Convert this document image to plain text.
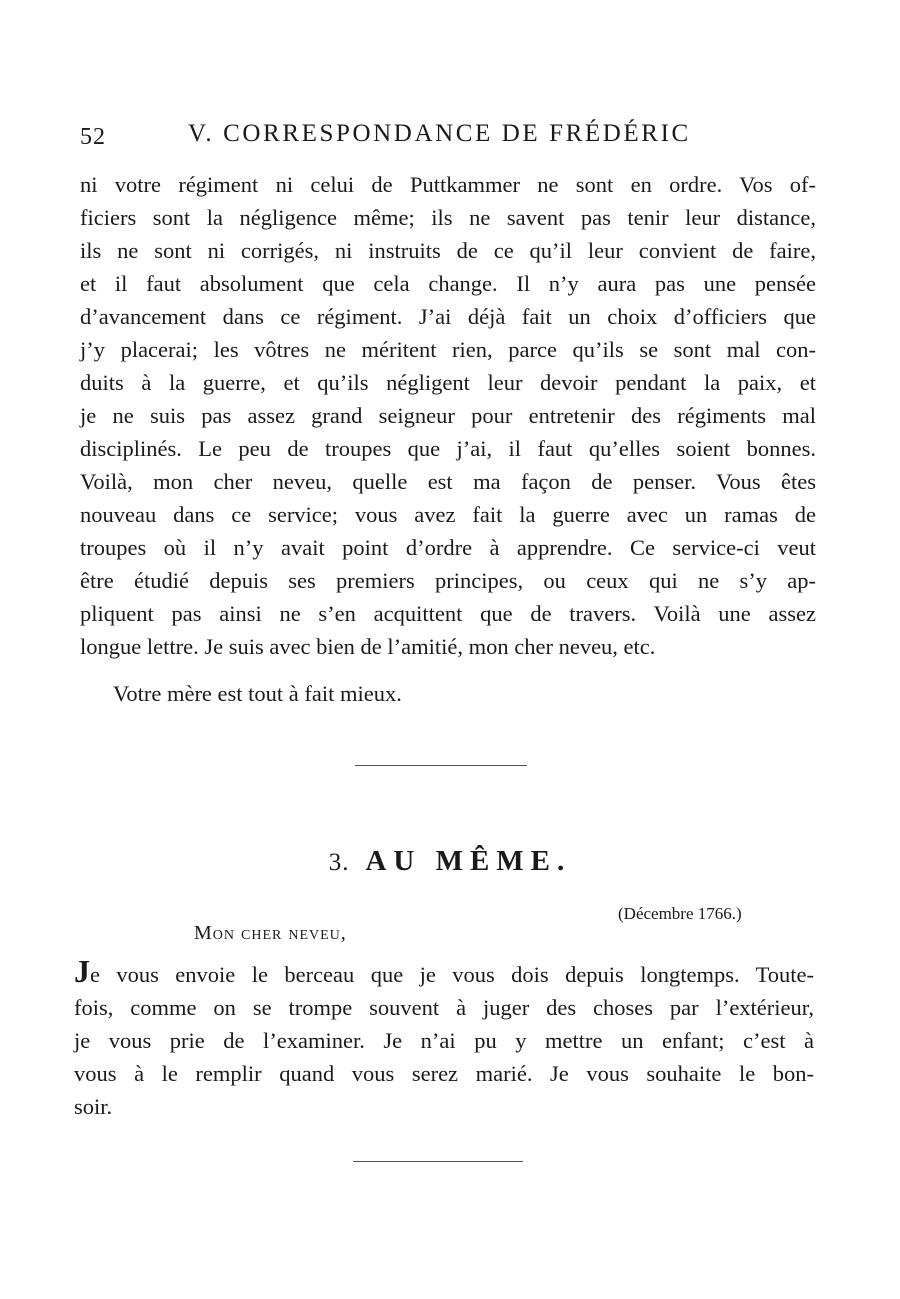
52	V. CORRESPONDANCE DE FRÉDÉRIC
ni votre régiment ni celui de Puttkammer ne sont en ordre. Vos of-
ficiers sont la négligence même; ils ne savent pas tenir leur distance,
ils ne sont ni corrigés, ni instruits de ce qu’il leur convient de faire,
et il faut absolument que cela change. Il n’y aura pas une pensée
d’avancement dans ce régiment. J’ai déjà fait un choix d’officiers que
j’y placerai; les vôtres ne méritent rien, parce qu’ils se sont mal con-
duits à la guerre, et qu’ils négligent leur devoir pendant la paix, et
je ne suis pas assez grand seigneur pour entretenir des régiments mal
disciplinés. Le peu de troupes que j’ai, il faut qu’elles soient bonnes.
Voilà, mon cher neveu, quelle est ma façon de penser. Vous êtes
nouveau dans ce service; vous avez fait la guerre avec un ramas de
troupes où il n’y avait point d’ordre à apprendre. Ce service-ci veut
être étudié depuis ses premiers principes, ou ceux qui ne s’y ap-
pliquent pas ainsi ne s’en acquittent que de travers. Voilà une assez
longue lettre. Je suis avec bien de l’amitié, mon cher neveu, etc.
Votre mère est tout à fait mieux.
3. AU MÊME.
(Décembre 1766.)
Mon cher neveu,
Je vous envoie le berceau que je vous dois depuis longtemps. Toute-
fois, comme on se trompe souvent à juger des choses par l’extérieur,
je vous prie de l’examiner. Je n’ai pu y mettre un enfant; c’est à
vous à le remplir quand vous serez marié. Je vous souhaite le bon-
soir.
